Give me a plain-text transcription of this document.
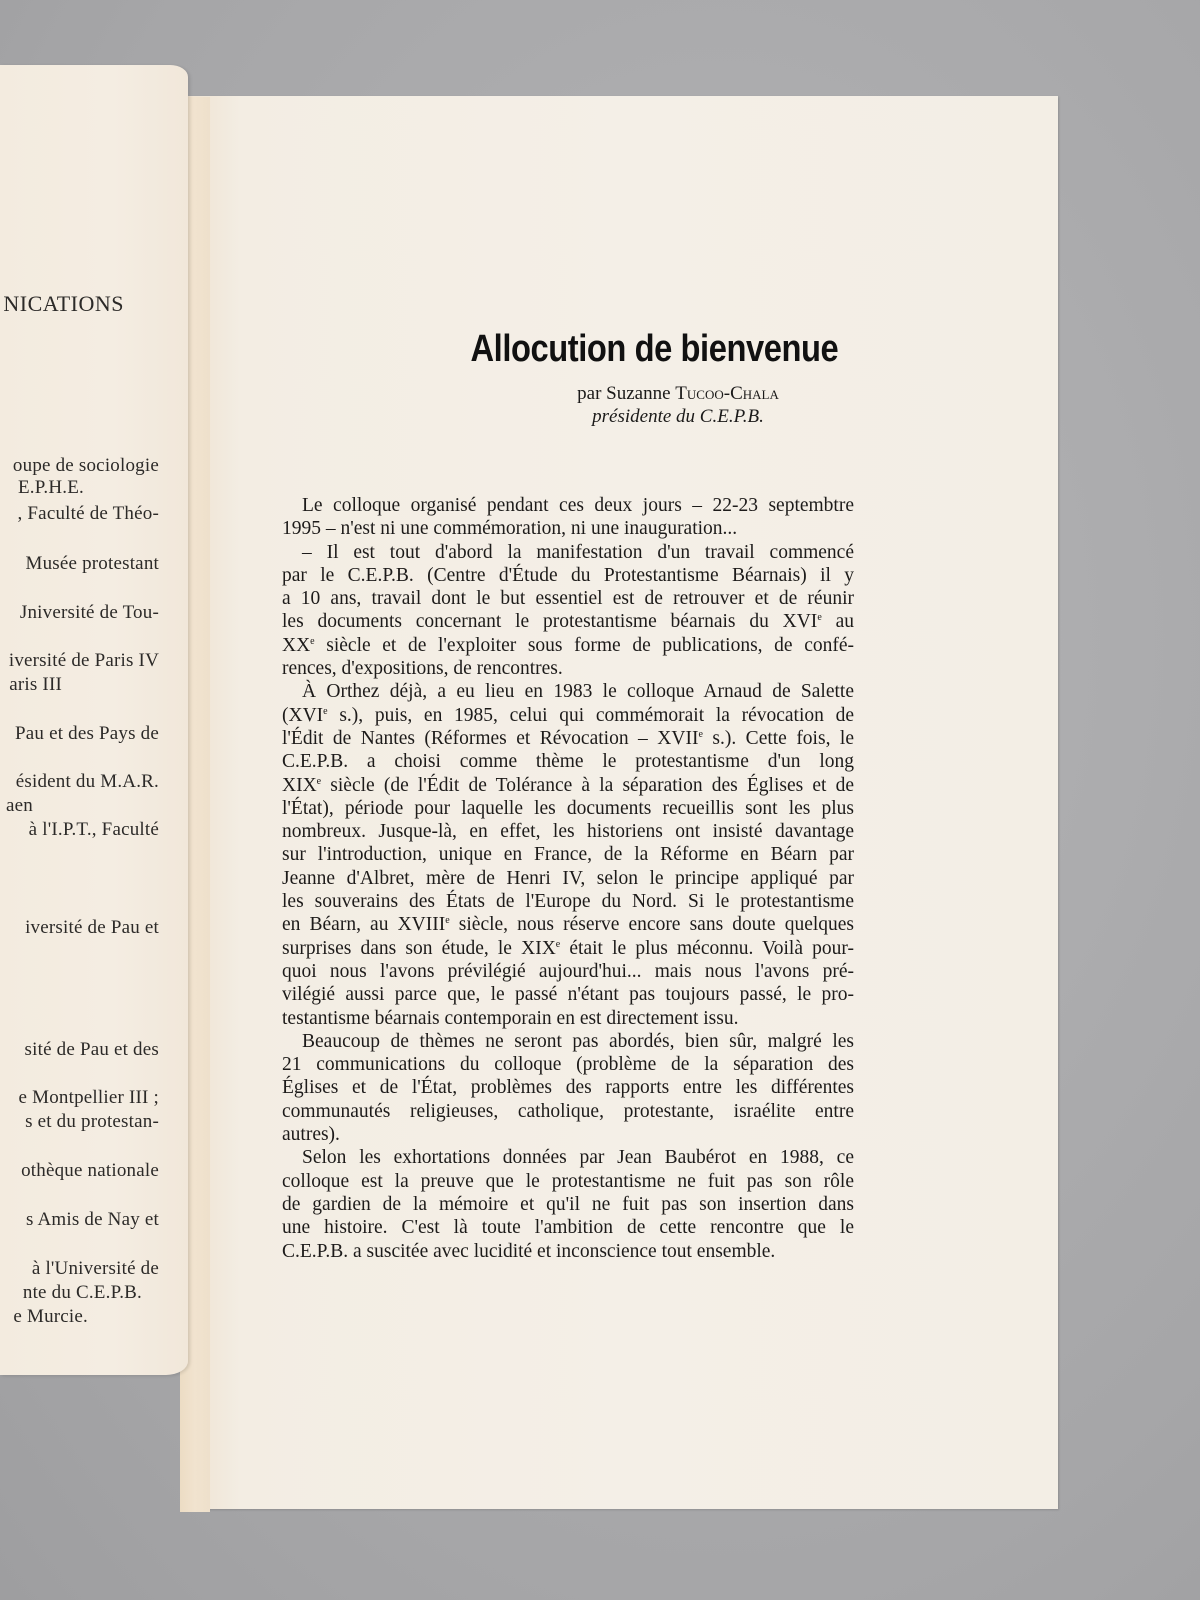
NICATIONS
oupe de sociologie
E.P.H.E.
, Faculté de Théo-
Musée protestant
Jniversité de Tou-
iversité de Paris IV
aris III
Pau et des Pays de
ésident du M.A.R.
aen
à l'I.P.T., Faculté
iversité de Pau et
sité de Pau et des
e Montpellier III ;
s et du protestan-
othèque nationale
s Amis de Nay et
à l'Université de
nte du C.E.P.B.
e Murcie.
Allocution de bienvenue
par Suzanne Tucoo-Chala
présidente du C.E.P.B.
Le colloque organisé pendant ces deux jours – 22-23 septembtre
1995 – n'est ni une commémoration, ni une inauguration...
– Il est tout d'abord la manifestation d'un travail commencé
par le C.E.P.B. (Centre d'Étude du Protestantisme Béarnais) il y
a 10 ans, travail dont le but essentiel est de retrouver et de réunir
les documents concernant le protestantisme béarnais du XVIe au
XXe siècle et de l'exploiter sous forme de publications, de confé-
rences, d'expositions, de rencontres.
À Orthez déjà, a eu lieu en 1983 le colloque Arnaud de Salette
(XVIe s.), puis, en 1985, celui qui commémorait la révocation de
l'Édit de Nantes (Réformes et Révocation – XVIIe s.). Cette fois, le
C.E.P.B. a choisi comme thème le protestantisme d'un long
XIXe siècle (de l'Édit de Tolérance à la séparation des Églises et de
l'État), période pour laquelle les documents recueillis sont les plus
nombreux. Jusque-là, en effet, les historiens ont insisté davantage
sur l'introduction, unique en France, de la Réforme en Béarn par
Jeanne d'Albret, mère de Henri IV, selon le principe appliqué par
les souverains des États de l'Europe du Nord. Si le protestantisme
en Béarn, au XVIIIe siècle, nous réserve encore sans doute quelques
surprises dans son étude, le XIXe était le plus méconnu. Voilà pour-
quoi nous l'avons prévilégié aujourd'hui... mais nous l'avons pré-
vilégié aussi parce que, le passé n'étant pas toujours passé, le pro-
testantisme béarnais contemporain en est directement issu.
Beaucoup de thèmes ne seront pas abordés, bien sûr, malgré les
21 communications du colloque (problème de la séparation des
Églises et de l'État, problèmes des rapports entre les différentes
communautés religieuses, catholique, protestante, israélite entre
autres).
Selon les exhortations données par Jean Baubérot en 1988, ce
colloque est la preuve que le protestantisme ne fuit pas son rôle
de gardien de la mémoire et qu'il ne fuit pas son insertion dans
une histoire. C'est là toute l'ambition de cette rencontre que le
C.E.P.B. a suscitée avec lucidité et inconscience tout ensemble.
